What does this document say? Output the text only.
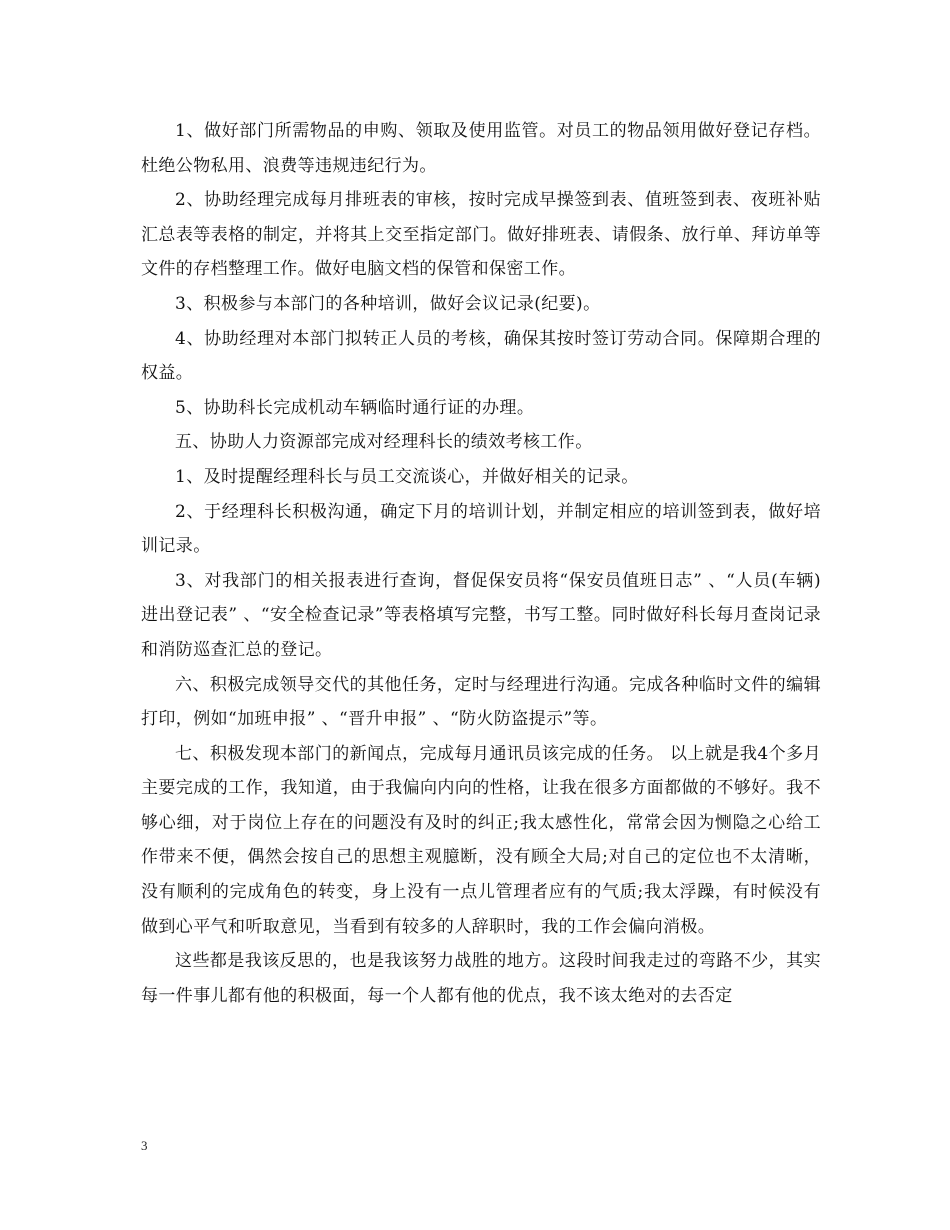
1、做好部门所需物品的申购、领取及使用监管。对员工的物品领用做好登记存档。杜绝公物私用、浪费等违规违纪行为。

2、协助经理完成每月排班表的审核，按时完成早操签到表、值班签到表、夜班补贴汇总表等表格的制定，并将其上交至指定部门。做好排班表、请假条、放行单、拜访单等文件的存档整理工作。做好电脑文档的保管和保密工作。

3、积极参与本部门的各种培训，做好会议记录(纪要)。

4、协助经理对本部门拟转正人员的考核，确保其按时签订劳动合同。保障期合理的权益。

5、协助科长完成机动车辆临时通行证的办理。

五、协助人力资源部完成对经理科长的绩效考核工作。

1、及时提醒经理科长与员工交流谈心，并做好相关的记录。

2、于经理科长积极沟通，确定下月的培训计划，并制定相应的培训签到表，做好培训记录。

3、对我部门的相关报表进行查询，督促保安员将“保安员值班日志” 、“人员(车辆)进出登记表” 、“安全检查记录”等表格填写完整，书写工整。同时做好科长每月查岗记录和消防巡查汇总的登记。

六、积极完成领导交代的其他任务，定时与经理进行沟通。完成各种临时文件的编辑打印，例如“加班申报” 、“晋升申报” 、“防火防盗提示”等。

七、积极发现本部门的新闻点，完成每月通讯员该完成的任务。 以上就是我4个多月主要完成的工作，我知道，由于我偏向内向的性格，让我在很多方面都做的不够好。我不够心细，对于岗位上存在的问题没有及时的纠正;我太感性化，常常会因为恻隐之心给工作带来不便，偶然会按自己的思想主观臆断，没有顾全大局;对自己的定位也不太清晰，没有顺利的完成角色的转变，身上没有一点儿管理者应有的气质;我太浮躁，有时候没有做到心平气和听取意见，当看到有较多的人辞职时，我的工作会偏向消极。

这些都是我该反思的，也是我该努力战胜的地方。这段时间我走过的弯路不少，其实每一件事儿都有他的积极面，每一个人都有他的优点，我不该太绝对的去否定

3
